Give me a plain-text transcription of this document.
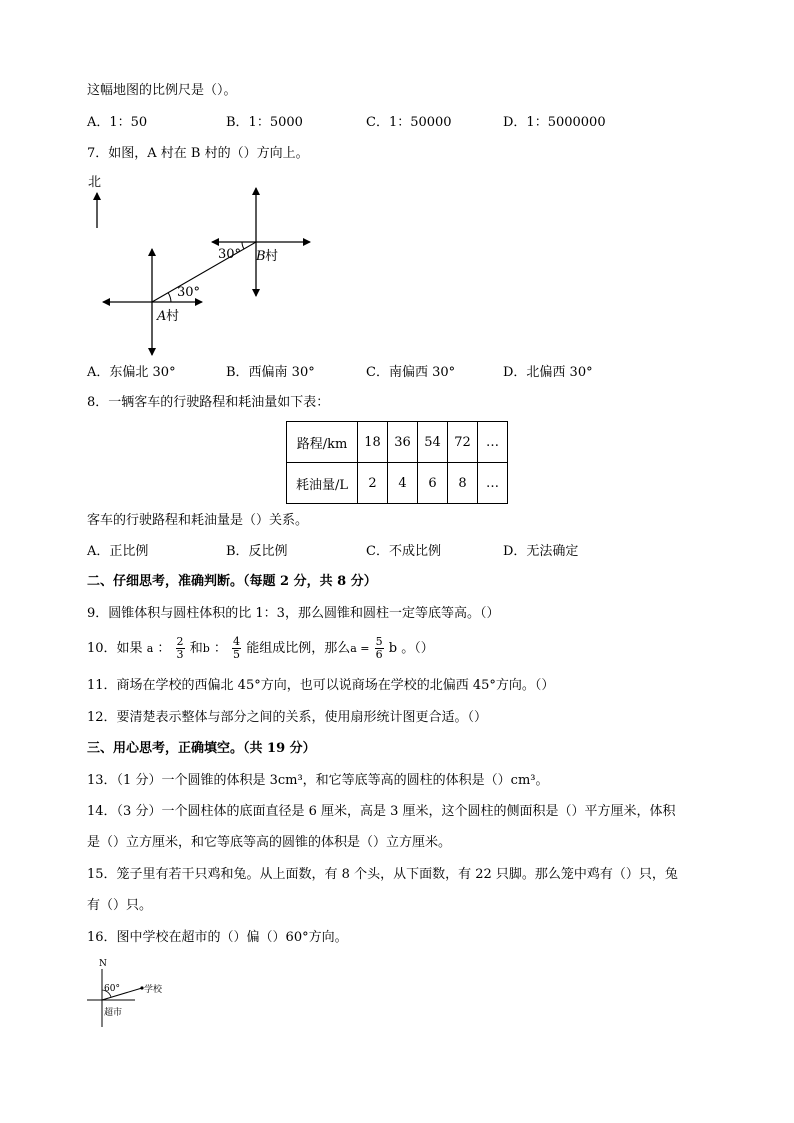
这幅地图的比例尺是（）。
A．1：50	B．1：5000	C．1：50000	D．1：5000000
7．如图，A 村在 B 村的（）方向上。
北
30°
30° B 村
A 村
A．东偏北 30°	B．西偏南 30°	C．南偏西 30°	D．北偏西 30°
8．一辆客车的行驶路程和耗油量如下表：
路程/km	18	36	54	72	…
耗油量/L	2	4	6	8	…
客车的行驶路程和耗油量是（）关系。
A．正比例	B．反比例	C．不成比例	D．无法确定
二、仔细思考，准确判断。（每题 2 分，共 8 分）
9．圆锥体积与圆柱体积的比 1：3，那么圆锥和圆柱一定等底等高。（）
10．如果 a ： $\frac{2}{3}$ 和b ： $\frac{4}{5}$ 能组成比例，那么$a = \frac{5}{6}$ b 。（）
11．商场在学校的西偏北 45°方向，也可以说商场在学校的北偏西 45°方向。（）
12．要清楚表示整体与部分之间的关系，使用扇形统计图更合适。（）
三、用心思考，正确填空。（共 19 分）
13．（1 分）一个圆锥的体积是 3cm³，和它等底等高的圆柱的体积是（）cm³。
14．（3 分）一个圆柱体的底面直径是 6 厘米，高是 3 厘米，这个圆柱的侧面积是（）平方厘米，体积
是（）立方厘米，和它等底等高的圆锥的体积是（）立方厘米。
15．笼子里有若干只鸡和兔。从上面数，有 8 个头，从下面数，有 22 只脚。那么笼中鸡有（）只，兔
有（）只。
16．图中学校在超市的（）偏（）60°方向。
N
60°	学校
超市
